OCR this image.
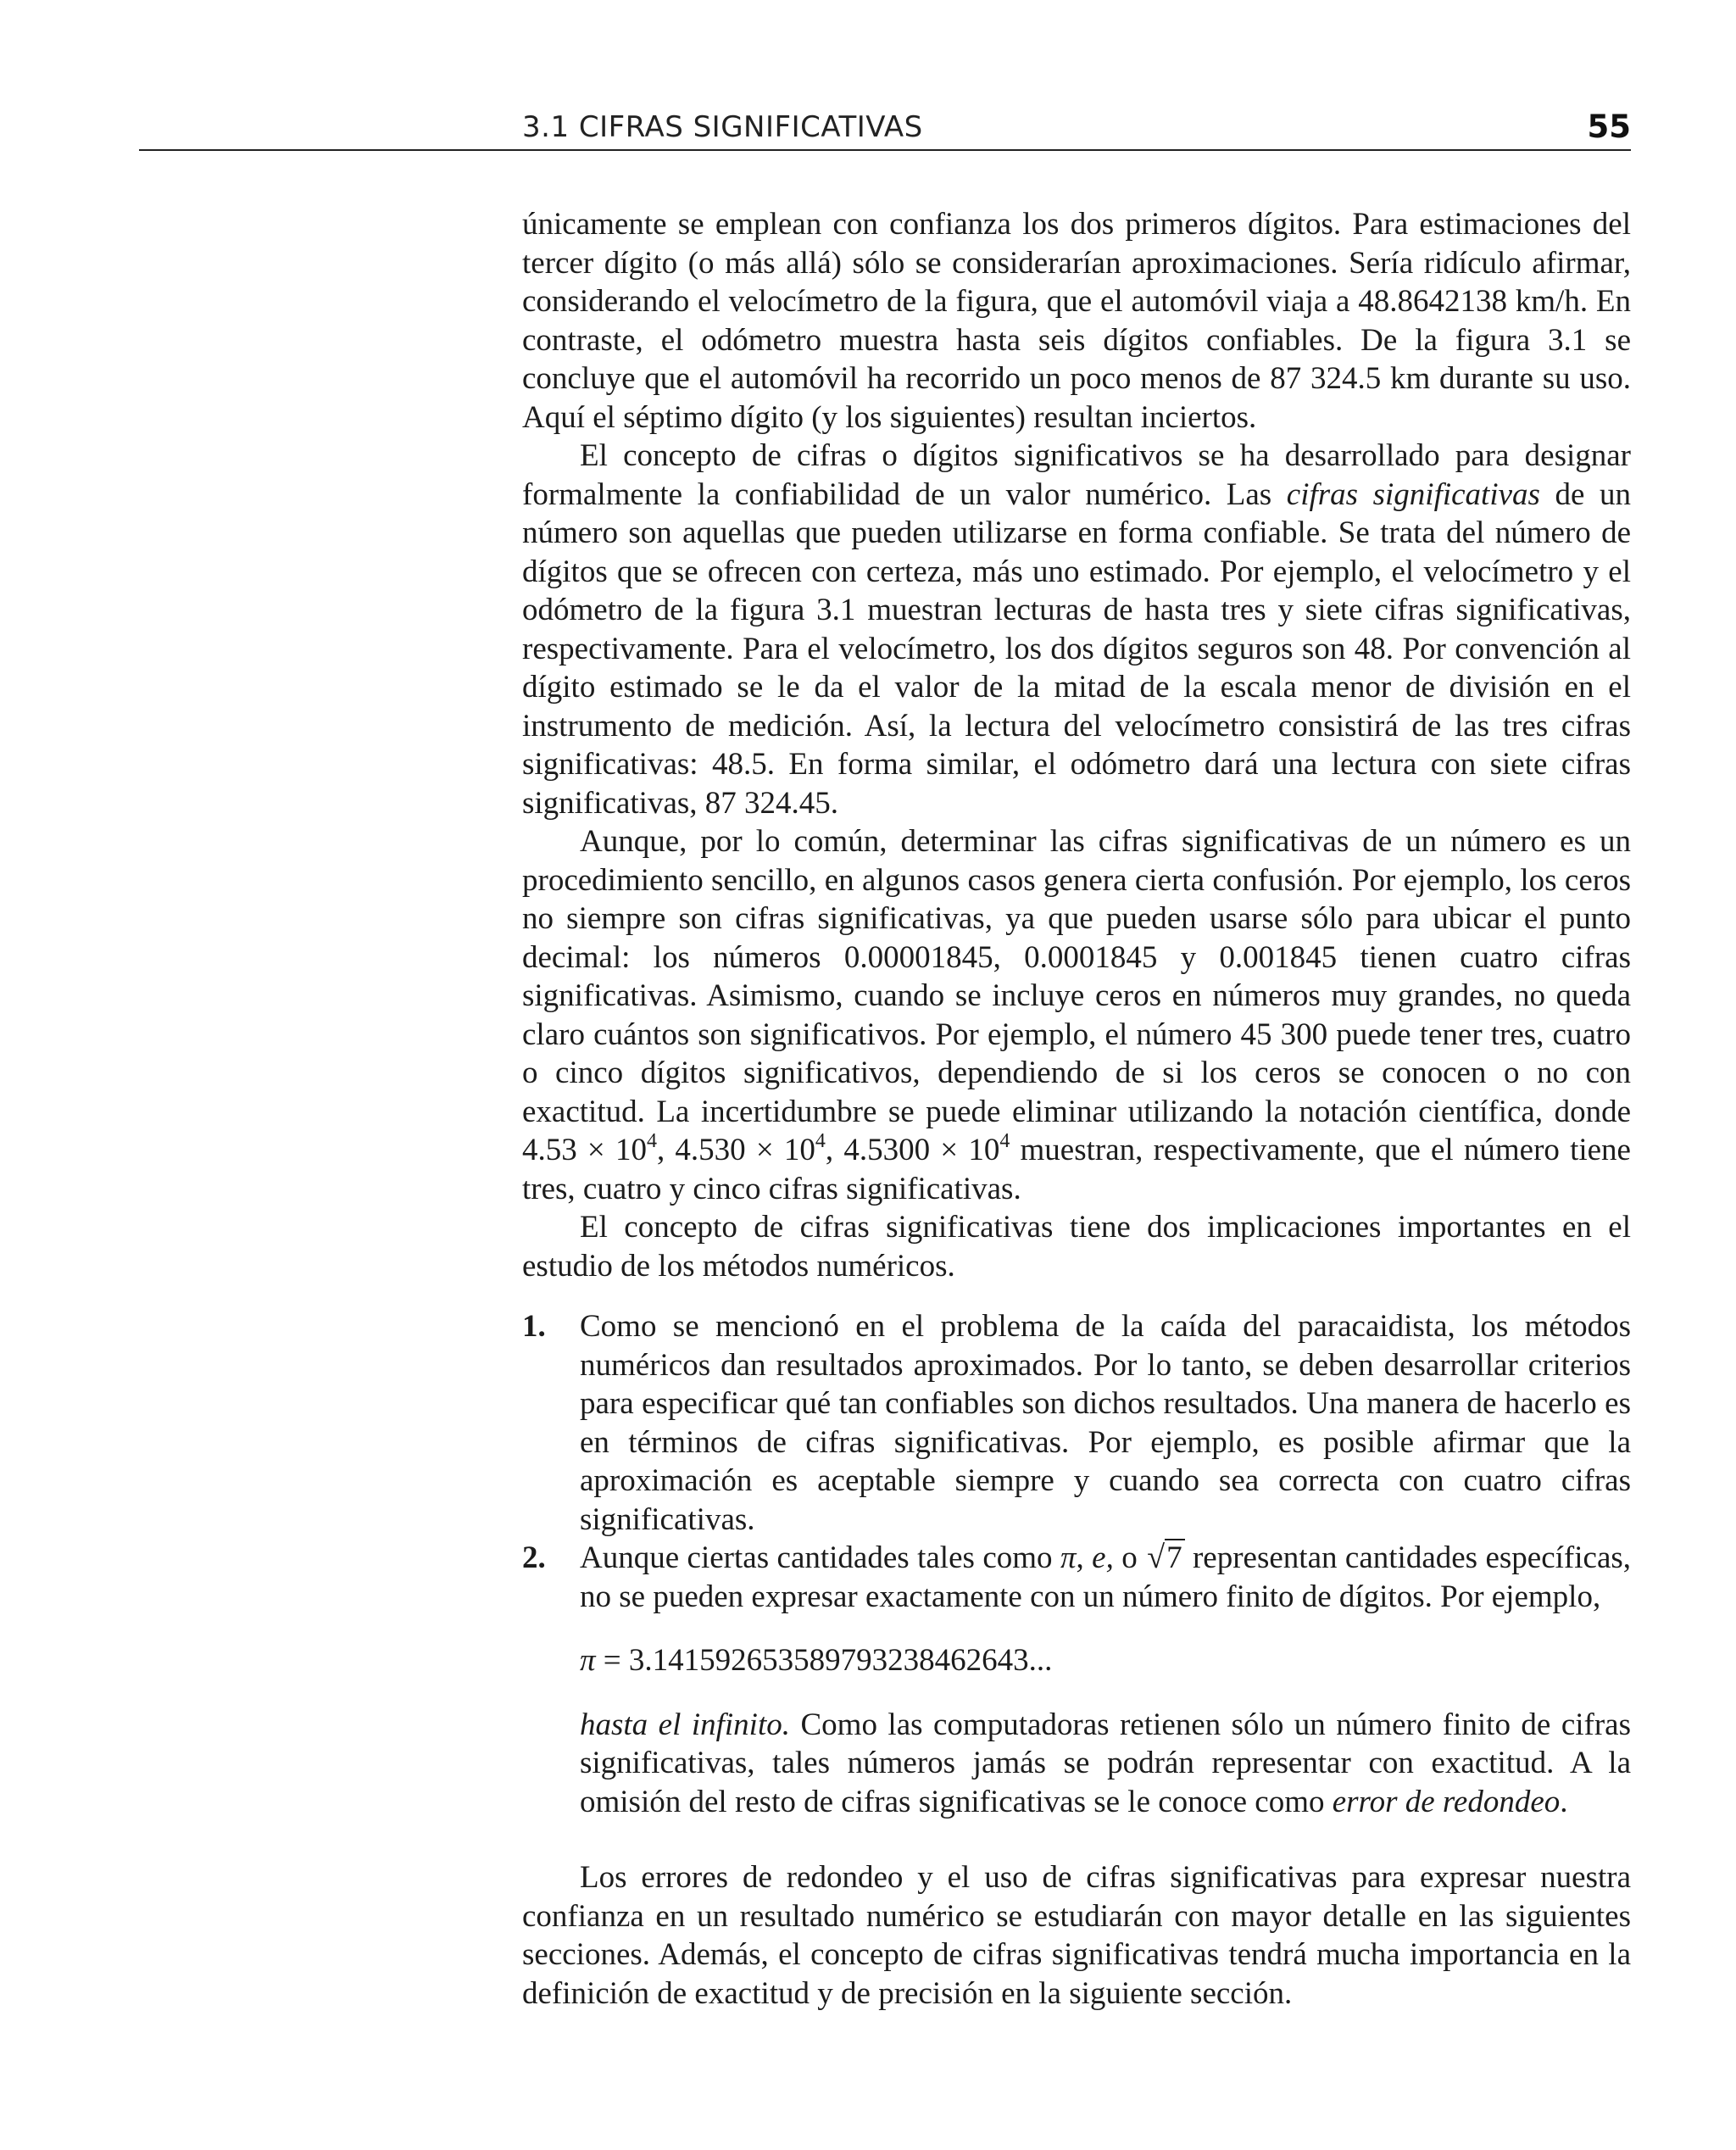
3.1 CIFRAS SIGNIFICATIVAS	55

únicamente se emplean con confianza los dos primeros dígitos. Para estimaciones del tercer dígito (o más allá) sólo se considerarían aproximaciones. Sería ridículo afirmar, considerando el velocímetro de la figura, que el automóvil viaja a 48.8642138 km/h. En contraste, el odómetro muestra hasta seis dígitos confiables. De la figura 3.1 se concluye que el automóvil ha recorrido un poco menos de 87 324.5 km durante su uso. Aquí el séptimo dígito (y los siguientes) resultan inciertos.

El concepto de cifras o dígitos significativos se ha desarrollado para designar formalmente la confiabilidad de un valor numérico. Las cifras significativas de un número son aquellas que pueden utilizarse en forma confiable. Se trata del número de dígitos que se ofrecen con certeza, más uno estimado. Por ejemplo, el velocímetro y el odómetro de la figura 3.1 muestran lecturas de hasta tres y siete cifras significativas, respectivamente. Para el velocímetro, los dos dígitos seguros son 48. Por convención al dígito estimado se le da el valor de la mitad de la escala menor de división en el instrumento de medición. Así, la lectura del velocímetro consistirá de las tres cifras significativas: 48.5. En forma similar, el odómetro dará una lectura con siete cifras significativas, 87 324.45.

Aunque, por lo común, determinar las cifras significativas de un número es un procedimiento sencillo, en algunos casos genera cierta confusión. Por ejemplo, los ceros no siempre son cifras significativas, ya que pueden usarse sólo para ubicar el punto decimal: los números 0.00001845, 0.0001845 y 0.001845 tienen cuatro cifras significativas. Asimismo, cuando se incluye ceros en números muy grandes, no queda claro cuántos son significativos. Por ejemplo, el número 45 300 puede tener tres, cuatro o cinco dígitos significativos, dependiendo de si los ceros se conocen o no con exactitud. La incertidumbre se puede eliminar utilizando la notación científica, donde $4.53 \times 10^4$, $4.530 \times 10^4$, $4.5300 \times 10^4$ muestran, respectivamente, que el número tiene tres, cuatro y cinco cifras significativas.

El concepto de cifras significativas tiene dos implicaciones importantes en el estudio de los métodos numéricos.

1. Como se mencionó en el problema de la caída del paracaidista, los métodos numéricos dan resultados aproximados. Por lo tanto, se deben desarrollar criterios para especificar qué tan confiables son dichos resultados. Una manera de hacerlo es en términos de cifras significativas. Por ejemplo, es posible afirmar que la aproximación es aceptable siempre y cuando sea correcta con cuatro cifras significativas.

2. Aunque ciertas cantidades tales como π, e, o √7 representan cantidades específicas, no se pueden expresar exactamente con un número finito de dígitos. Por ejemplo,

π = 3.141592653589793238462643...

hasta el infinito. Como las computadoras retienen sólo un número finito de cifras significativas, tales números jamás se podrán representar con exactitud. A la omisión del resto de cifras significativas se le conoce como error de redondeo.

Los errores de redondeo y el uso de cifras significativas para expresar nuestra confianza en un resultado numérico se estudiarán con mayor detalle en las siguientes secciones. Además, el concepto de cifras significativas tendrá mucha importancia en la definición de exactitud y de precisión en la siguiente sección.
